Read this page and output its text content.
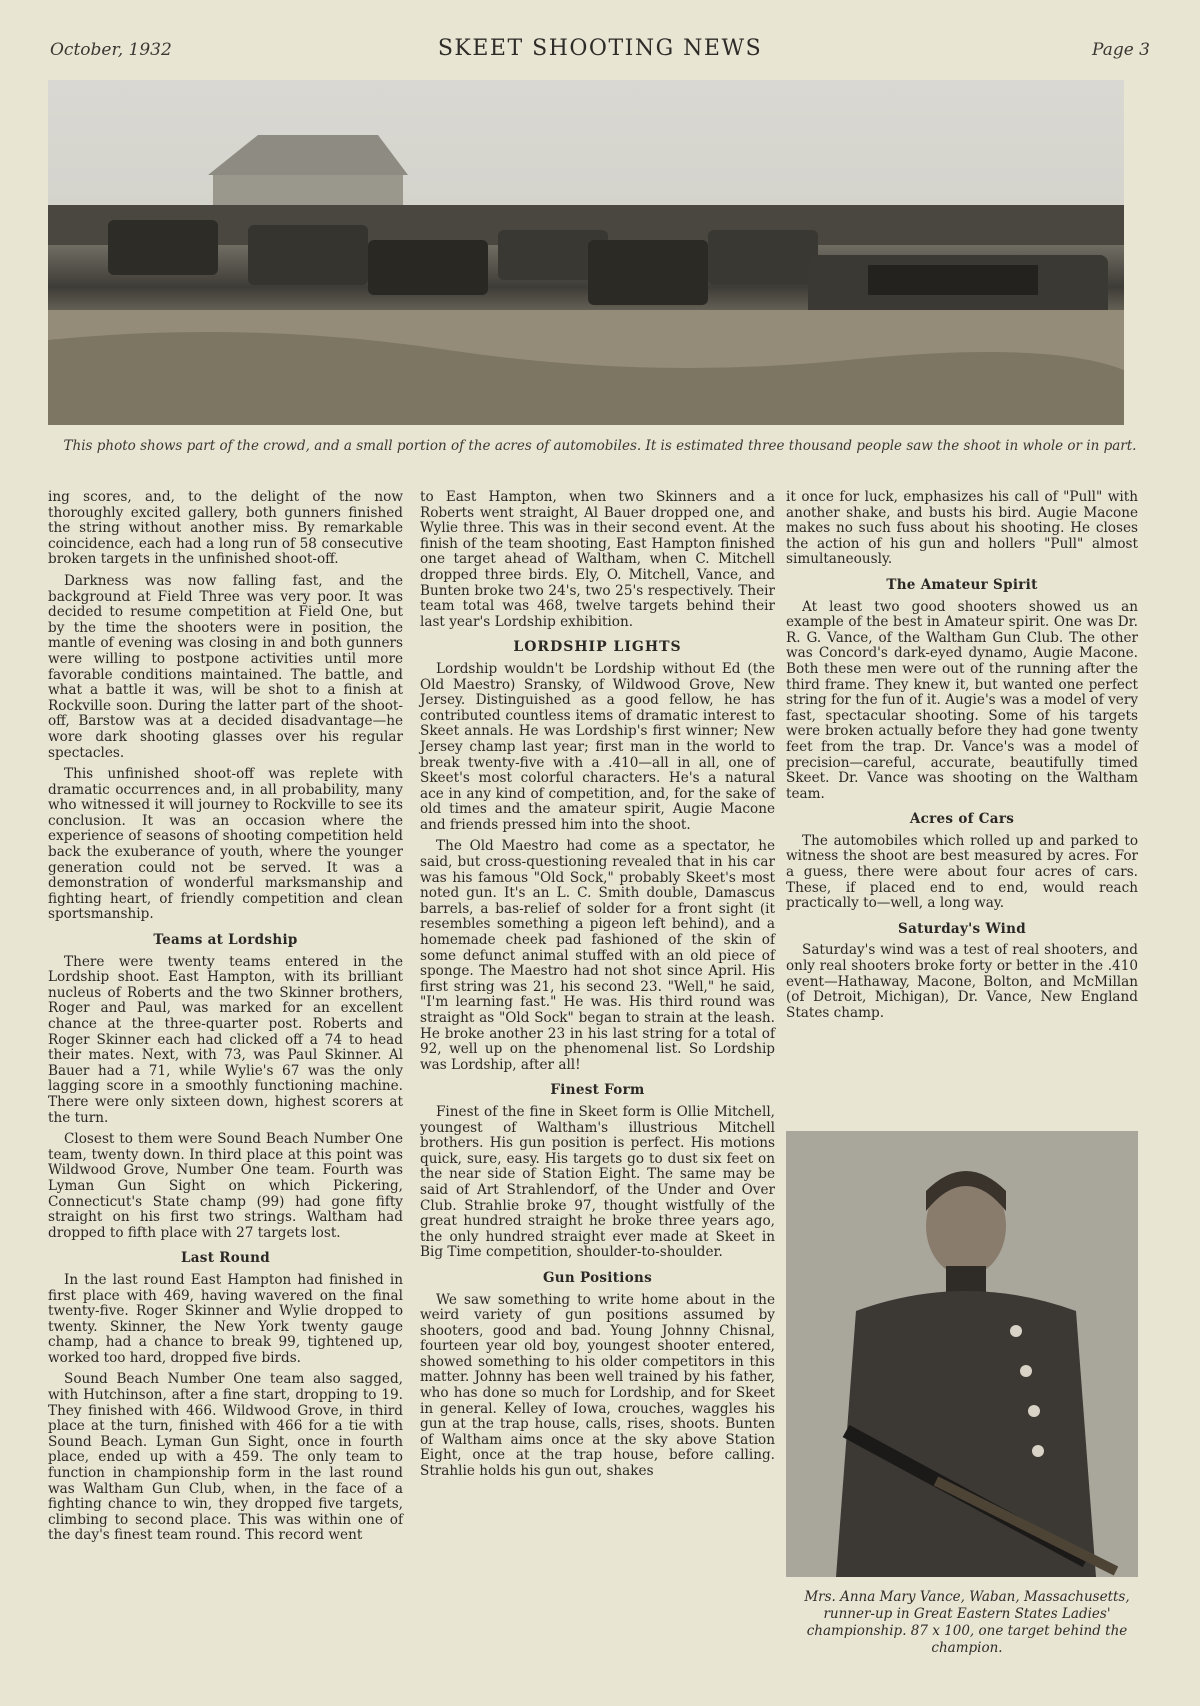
October, 1932	SKEET SHOOTING NEWS	Page 3
This photo shows part of the crowd, and a small portion of the acres of automobiles. It is estimated three thousand people saw the shoot in whole or in part.

ing scores, and, to the delight of the now thoroughly excited gallery, both gunners finished the string without another miss. By remarkable coincidence, each had a long run of 58 consecutive broken targets in the unfinished shoot-off.

Darkness was now falling fast, and the background at Field Three was very poor. It was decided to resume competition at Field One, but by the time the shooters were in position, the mantle of evening was closing in and both gunners were willing to postpone activities until more favorable conditions maintained. The battle, and what a battle it was, will be shot to a finish at Rockville soon. During the latter part of the shoot-off, Barstow was at a decided disadvantage—he wore dark shooting glasses over his regular spectacles.

This unfinished shoot-off was replete with dramatic occurrences and, in all probability, many who witnessed it will journey to Rockville to see its conclusion. It was an occasion where the experience of seasons of shooting competition held back the exuberance of youth, where the younger generation could not be served. It was a demonstration of wonderful marksmanship and fighting heart, of friendly competition and clean sportsmanship.

Teams at Lordship

There were twenty teams entered in the Lordship shoot. East Hampton, with its brilliant nucleus of Roberts and the two Skinner brothers, Roger and Paul, was marked for an excellent chance at the three-quarter post. Roberts and Roger Skinner each had clicked off a 74 to head their mates. Next, with 73, was Paul Skinner. Al Bauer had a 71, while Wylie's 67 was the only lagging score in a smoothly functioning machine. There were only sixteen down, highest scorers at the turn.

Closest to them were Sound Beach Number One team, twenty down. In third place at this point was Wildwood Grove, Number One team. Fourth was Lyman Gun Sight on which Pickering, Connecticut's State champ (99) had gone fifty straight on his first two strings. Waltham had dropped to fifth place with 27 targets lost.

Last Round

In the last round East Hampton had finished in first place with 469, having wavered on the final twenty-five. Roger Skinner and Wylie dropped to twenty. Skinner, the New York twenty gauge champ, had a chance to break 99, tightened up, worked too hard, dropped five birds.

Sound Beach Number One team also sagged, with Hutchinson, after a fine start, dropping to 19. They finished with 466. Wildwood Grove, in third place at the turn, finished with 466 for a tie with Sound Beach. Lyman Gun Sight, once in fourth place, ended up with a 459. The only team to function in championship form in the last round was Waltham Gun Club, when, in the face of a fighting chance to win, they dropped five targets, climbing to second place. This was within one of the day's finest team round. This record went

to East Hampton, when two Skinners and a Roberts went straight, Al Bauer dropped one, and Wylie three. This was in their second event. At the finish of the team shooting, East Hampton finished one target ahead of Waltham, when C. Mitchell dropped three birds. Ely, O. Mitchell, Vance, and Bunten broke two 24's, two 25's respectively. Their team total was 468, twelve targets behind their last year's Lordship exhibition.

LORDSHIP LIGHTS

Lordship wouldn't be Lordship without Ed (the Old Maestro) Sransky, of Wildwood Grove, New Jersey. Distinguished as a good fellow, he has contributed countless items of dramatic interest to Skeet annals. He was Lordship's first winner; New Jersey champ last year; first man in the world to break twenty-five with a .410—all in all, one of Skeet's most colorful characters. He's a natural ace in any kind of competition, and, for the sake of old times and the amateur spirit, Augie Macone and friends pressed him into the shoot.

The Old Maestro had come as a spectator, he said, but cross-questioning revealed that in his car was his famous "Old Sock," probably Skeet's most noted gun. It's an L. C. Smith double, Damascus barrels, a bas-relief of solder for a front sight (it resembles something a pigeon left behind), and a homemade cheek pad fashioned of the skin of some defunct animal stuffed with an old piece of sponge. The Maestro had not shot since April. His first string was 21, his second 23. "Well," he said, "I'm learning fast." He was. His third round was straight as "Old Sock" began to strain at the leash. He broke another 23 in his last string for a total of 92, well up on the phenomenal list. So Lordship was Lordship, after all!

Finest Form

Finest of the fine in Skeet form is Ollie Mitchell, youngest of Waltham's illustrious Mitchell brothers. His gun position is perfect. His motions quick, sure, easy. His targets go to dust six feet on the near side of Station Eight. The same may be said of Art Strahlendorf, of the Under and Over Club. Strahlie broke 97, thought wistfully of the great hundred straight he broke three years ago, the only hundred straight ever made at Skeet in Big Time competition, shoulder-to-shoulder.

Gun Positions

We saw something to write home about in the weird variety of gun positions assumed by shooters, good and bad. Young Johnny Chisnal, fourteen year old boy, youngest shooter entered, showed something to his older competitors in this matter. Johnny has been well trained by his father, who has done so much for Lordship, and for Skeet in general. Kelley of Iowa, crouches, waggles his gun at the trap house, calls, rises, shoots. Bunten of Waltham aims once at the sky above Station Eight, once at the trap house, before calling. Strahlie holds his gun out, shakes

it once for luck, emphasizes his call of "Pull" with another shake, and busts his bird. Augie Macone makes no such fuss about his shooting. He closes the action of his gun and hollers "Pull" almost simultaneously.

The Amateur Spirit

At least two good shooters showed us an example of the best in Amateur spirit. One was Dr. R. G. Vance, of the Waltham Gun Club. The other was Concord's dark-eyed dynamo, Augie Macone. Both these men were out of the running after the third frame. They knew it, but wanted one perfect string for the fun of it. Augie's was a model of very fast, spectacular shooting. Some of his targets were broken actually before they had gone twenty feet from the trap. Dr. Vance's was a model of precision—careful, accurate, beautifully timed Skeet. Dr. Vance was shooting on the Waltham team.

Acres of Cars

The automobiles which rolled up and parked to witness the shoot are best measured by acres. For a guess, there were about four acres of cars. These, if placed end to end, would reach practically to—well, a long way.

Saturday's Wind

Saturday's wind was a test of real shooters, and only real shooters broke forty or better in the .410 event—Hathaway, Macone, Bolton, and McMillan (of Detroit, Michigan), Dr. Vance, New England States champ.

Mrs. Anna Mary Vance, Waban, Massachusetts, runner-up in Great Eastern States Ladies' championship. 87 x 100, one target behind the champion.
